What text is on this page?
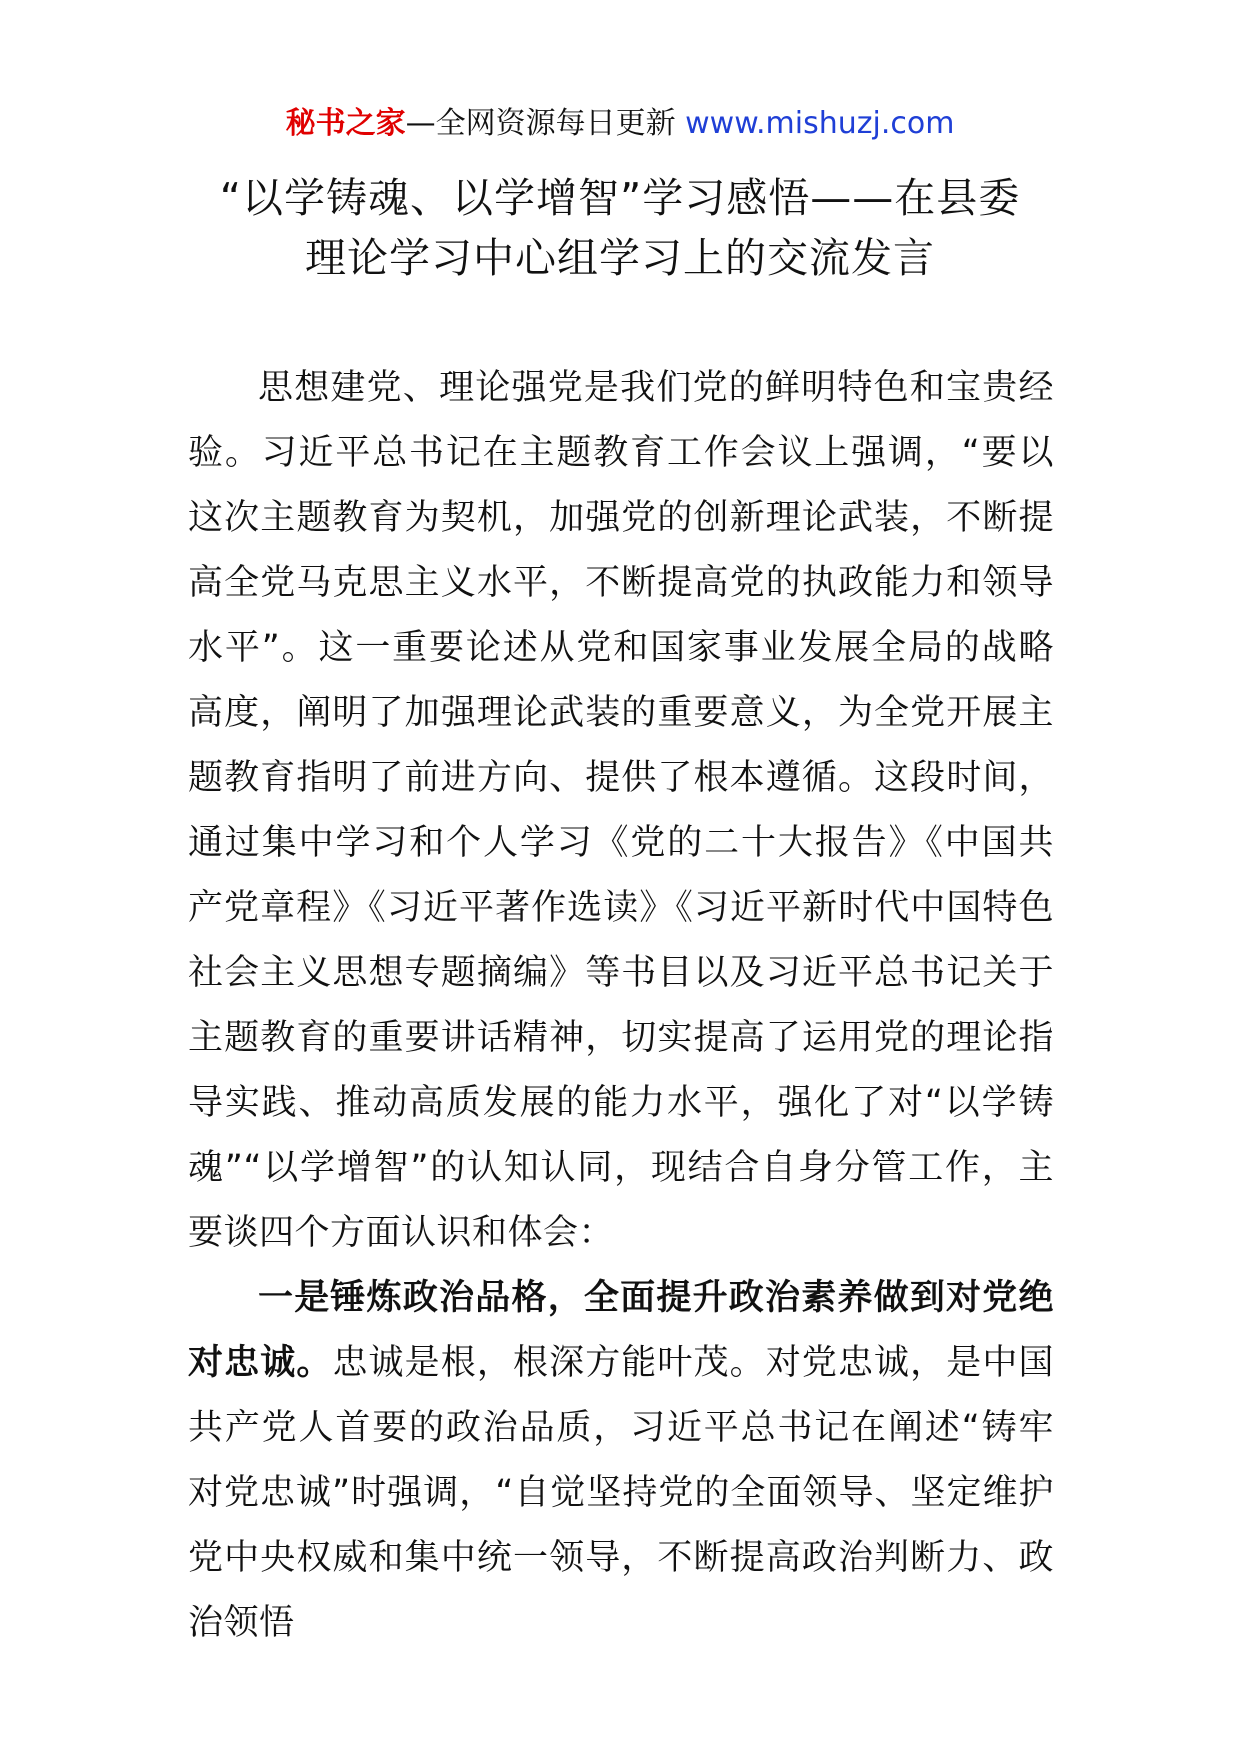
秘书之家—全网资源每日更新 www.mishuzj.com
“以学铸魂、以学增智”学习感悟——在县委
理论学习中心组学习上的交流发言

思想建党、理论强党是我们党的鲜明特色和宝贵经验。习近平总书记在主题教育工作会议上强调，“要以这次主题教育为契机，加强党的创新理论武装，不断提高全党马克思主义水平，不断提高党的执政能力和领导水平”。这一重要论述从党和国家事业发展全局的战略高度，阐明了加强理论武装的重要意义，为全党开展主题教育指明了前进方向、提供了根本遵循。这段时间，通过集中学习和个人学习《党的二十大报告》《中国共产党章程》《习近平著作选读》《习近平新时代中国特色社会主义思想专题摘编》等书目以及习近平总书记关于主题教育的重要讲话精神，切实提高了运用党的理论指导实践、推动高质发展的能力水平，强化了对“以学铸魂”“以学增智”的认知认同，现结合自身分管工作，主要谈四个方面认识和体会：

一是锤炼政治品格，全面提升政治素养做到对党绝对忠诚。忠诚是根，根深方能叶茂。对党忠诚，是中国共产党人首要的政治品质，习近平总书记在阐述“铸牢对党忠诚”时强调，“自觉坚持党的全面领导、坚定维护党中央权威和集中统一领导，不断提高政治判断力、政治领悟
